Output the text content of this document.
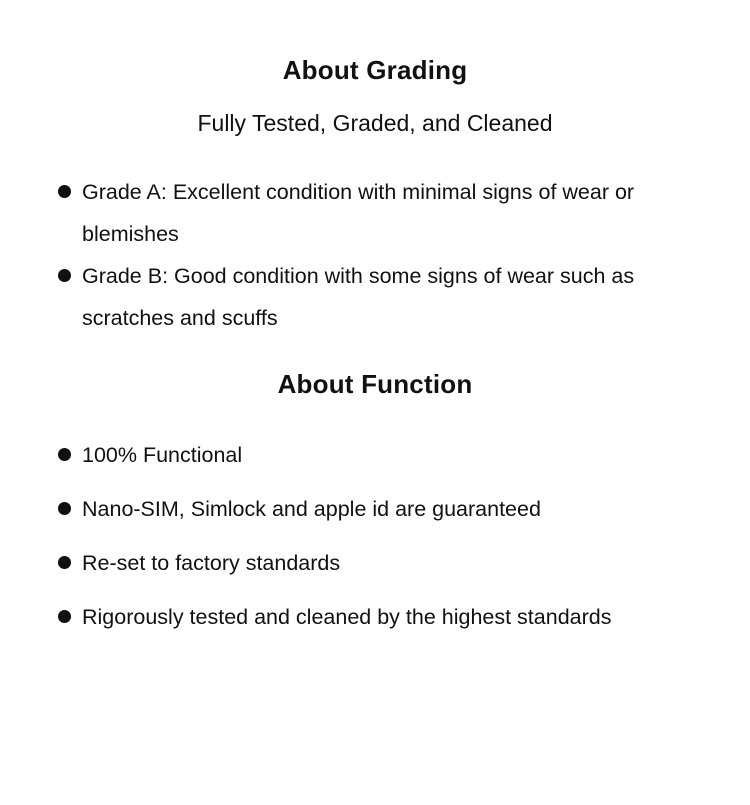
About Grading
Fully Tested, Graded, and Cleaned
Grade A: Excellent condition with minimal signs of wear or blemishes
Grade B: Good condition with some signs of wear such as scratches and scuffs
About Function
100% Functional
Nano-SIM, Simlock and apple id are guaranteed
Re-set to factory standards
Rigorously tested and cleaned by the highest standards
